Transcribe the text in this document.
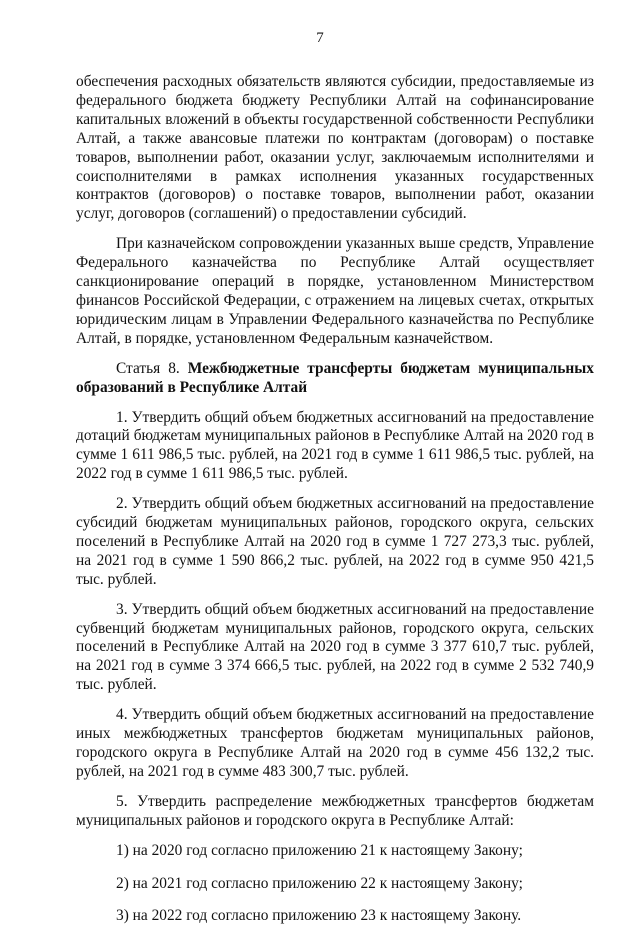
7

обеспечения расходных обязательств являются субсидии, предоставляемые из федерального бюджета бюджету Республики Алтай на софинансирование капитальных вложений в объекты государственной собственности Республики Алтай, а также авансовые платежи по контрактам (договорам) о поставке товаров, выполнении работ, оказании услуг, заключаемым исполнителями и соисполнителями в рамках исполнения указанных государственных контрактов (договоров) о поставке товаров, выполнении работ, оказании услуг, договоров (соглашений) о предоставлении субсидий.

При казначейском сопровождении указанных выше средств, Управление Федерального казначейства по Республике Алтай осуществляет санкционирование операций в порядке, установленном Министерством финансов Российской Федерации, с отражением на лицевых счетах, открытых юридическим лицам в Управлении Федерального казначейства по Республике Алтай, в порядке, установленном Федеральным казначейством.

Статья 8. Межбюджетные трансферты бюджетам муниципальных образований в Республике Алтай

1. Утвердить общий объем бюджетных ассигнований на предоставление дотаций бюджетам муниципальных районов в Республике Алтай на 2020 год в сумме 1 611 986,5 тыс. рублей, на 2021 год в сумме 1 611 986,5 тыс. рублей, на 2022 год в сумме 1 611 986,5 тыс. рублей.

2. Утвердить общий объем бюджетных ассигнований на предоставление субсидий бюджетам муниципальных районов, городского округа, сельских поселений в Республике Алтай на 2020 год в сумме 1 727 273,3 тыс. рублей, на 2021 год в сумме 1 590 866,2 тыс. рублей, на 2022 год в сумме 950 421,5 тыс. рублей.

3. Утвердить общий объем бюджетных ассигнований на предоставление субвенций бюджетам муниципальных районов, городского округа, сельских поселений в Республике Алтай на 2020 год в сумме 3 377 610,7 тыс. рублей, на 2021 год в сумме 3 374 666,5 тыс. рублей, на 2022 год в сумме 2 532 740,9 тыс. рублей.

4. Утвердить общий объем бюджетных ассигнований на предоставление иных межбюджетных трансфертов бюджетам муниципальных районов, городского округа в Республике Алтай на 2020 год в сумме 456 132,2 тыс. рублей, на 2021 год в сумме 483 300,7 тыс. рублей.

5. Утвердить распределение межбюджетных трансфертов бюджетам муниципальных районов и городского округа в Республике Алтай:

1) на 2020 год согласно приложению 21 к настоящему Закону;

2) на 2021 год согласно приложению 22 к настоящему Закону;

3) на 2022 год согласно приложению 23 к настоящему Закону.
